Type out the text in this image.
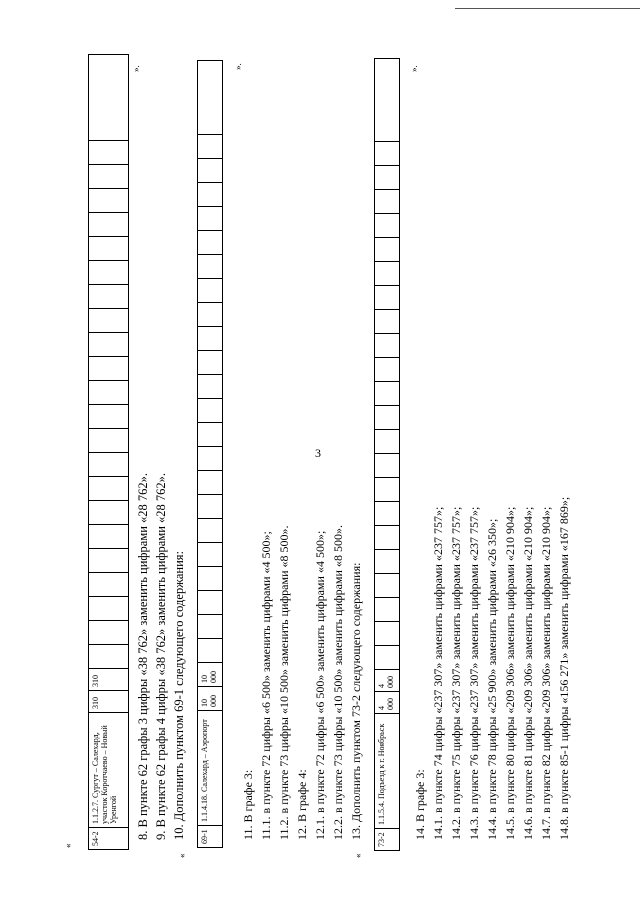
3
« 54-2
1.1.2.7. Сургут – Салехард, участок Коротчаево – Новый Уренгой
310
310
».
8. В пункте 62 графы 3 цифры «38 762» заменить цифрами «28 762». 9. В пункте 62 графы 4 цифры «38 762» заменить цифрами «28 762». 10. Дополнить пунктом 69-1 следующего содержания:
«
69-1
1.1.4.18. Салехард – Аэропорт
10 000
10 000
».
11. В графе 3: 11.1. в пункте 72 цифры «6 500» заменить цифрами «4 500»; 11.2. в пункте 73 цифры «10 500» заменить цифрами «8 500». 12. В графе 4: 12.1. в пункте 72 цифры «6 500» заменить цифрами «4 500»; 12.2. в пункте 73 цифры «10 500» заменить цифрами «8 500». 13. Дополнить пунктом 73-2 следующего содержания:
«
73-2
1.1.5.4. Подъезд к г. Ноябрьск
4 000
4 000
».
14. В графе 3: 14.1. в пункте 74 цифры «237 307» заменить цифрами «237 757»; 14.2. в пункте 75 цифры «237 307» заменить цифрами «237 757»; 14.3. в пункте 76 цифры «237 307» заменить цифрами «237 757»; 14.4. в пункте 78 цифры «25 900» заменить цифрами «26 350»; 14.5. в пункте 80 цифры «209 306» заменить цифрами «210 904»; 14.6. в пункте 81 цифры «209 306» заменить цифрами «210 904»; 14.7. в пункте 82 цифры «209 306» заменить цифрами «210 904»; 14.8. в пункте 85-1 цифры «156 271» заменить цифрами «167 869»;
